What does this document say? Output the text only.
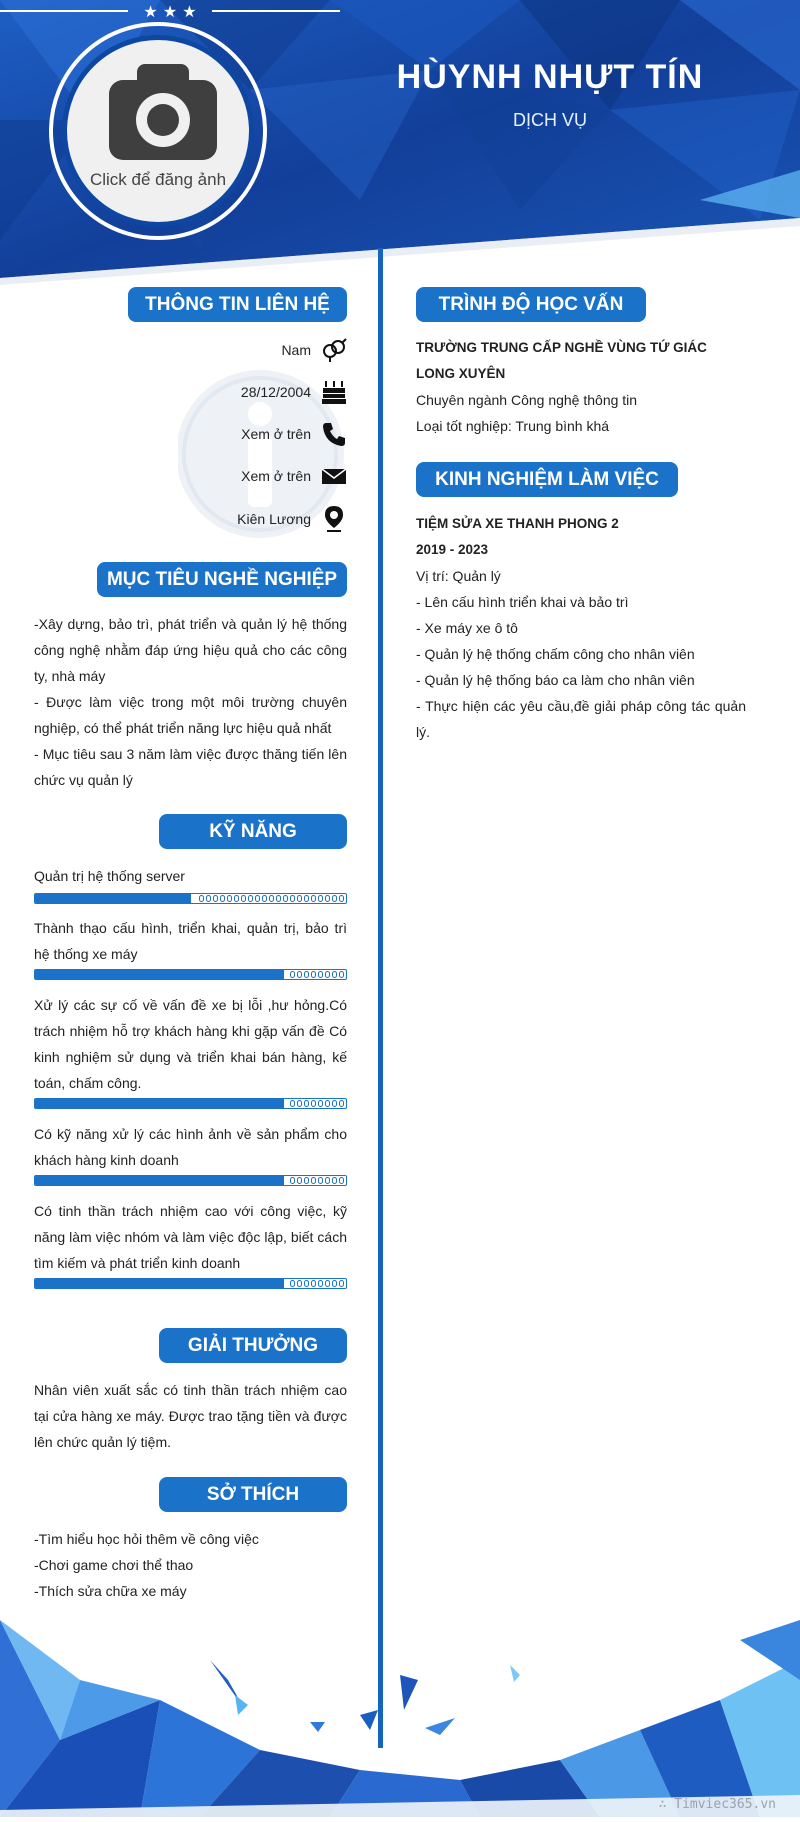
Click để đăng ảnh
HÙYNH NHỰT TÍN
DỊCH VỤ
★ ★ ★
THÔNG TIN LIÊN HỆ
Nam
28/12/2004
Xem ở trên
Xem ở trên
Kiên Lương
MỤC TIÊU NGHỀ NGHIỆP
-Xây dựng, bảo trì, phát triển và quản lý hệ thống công nghệ nhằm đáp ứng hiệu quả cho các công ty, nhà máy
- Được làm việc trong một môi trường chuyên nghiệp, có thể phát triển năng lực hiệu quả nhất
- Mục tiêu sau 3 năm làm việc được thăng tiến lên chức vụ quản lý
KỸ NĂNG
Quản trị hệ thống server
Thành thạo cấu hình, triển khai, quản trị, bảo trì hệ thống xe máy
Xử lý các sự cố về vấn đề xe bị lỗi ,hư hỏng.Có trách nhiệm hỗ trợ khách hàng khi gặp vấn đề Có kinh nghiệm sử dụng và triển khai bán hàng, kế toán, chấm công.
Có kỹ năng xử lý các hình ảnh về sản phẩm cho khách hàng kinh doanh
Có tinh thần trách nhiệm cao với công việc, kỹ năng làm việc nhóm và làm việc độc lập, biết cách tìm kiếm và phát triển kinh doanh
GIẢI THƯỞNG
Nhân viên xuất sắc có tinh thần trách nhiệm cao tại cửa hàng xe máy. Được trao tặng tiền và được lên chức quản lý tiệm.
SỞ THÍCH
-Tìm hiểu học hỏi thêm về công việc
-Chơi game chơi thể thao
-Thích sửa chữa xe máy
TRÌNH ĐỘ HỌC VẤN
TRƯỜNG TRUNG CẤP NGHỀ VÙNG TỨ GIÁC LONG XUYÊN
Chuyên ngành Công nghệ thông tin
Loại tốt nghiệp: Trung bình khá
KINH NGHIỆM LÀM VIỆC
TIỆM SỬA XE THANH PHONG 2
2019 - 2023
Vị trí: Quản lý
- Lên cấu hình triển khai và bảo trì
- Xe máy xe ô tô
- Quản lý hệ thống chấm công cho nhân viên
- Quản lý hệ thống báo ca làm cho nhân viên
- Thực hiện các yêu cầu,đề giải pháp công tác quản lý.
∴ Timviec365.vn
